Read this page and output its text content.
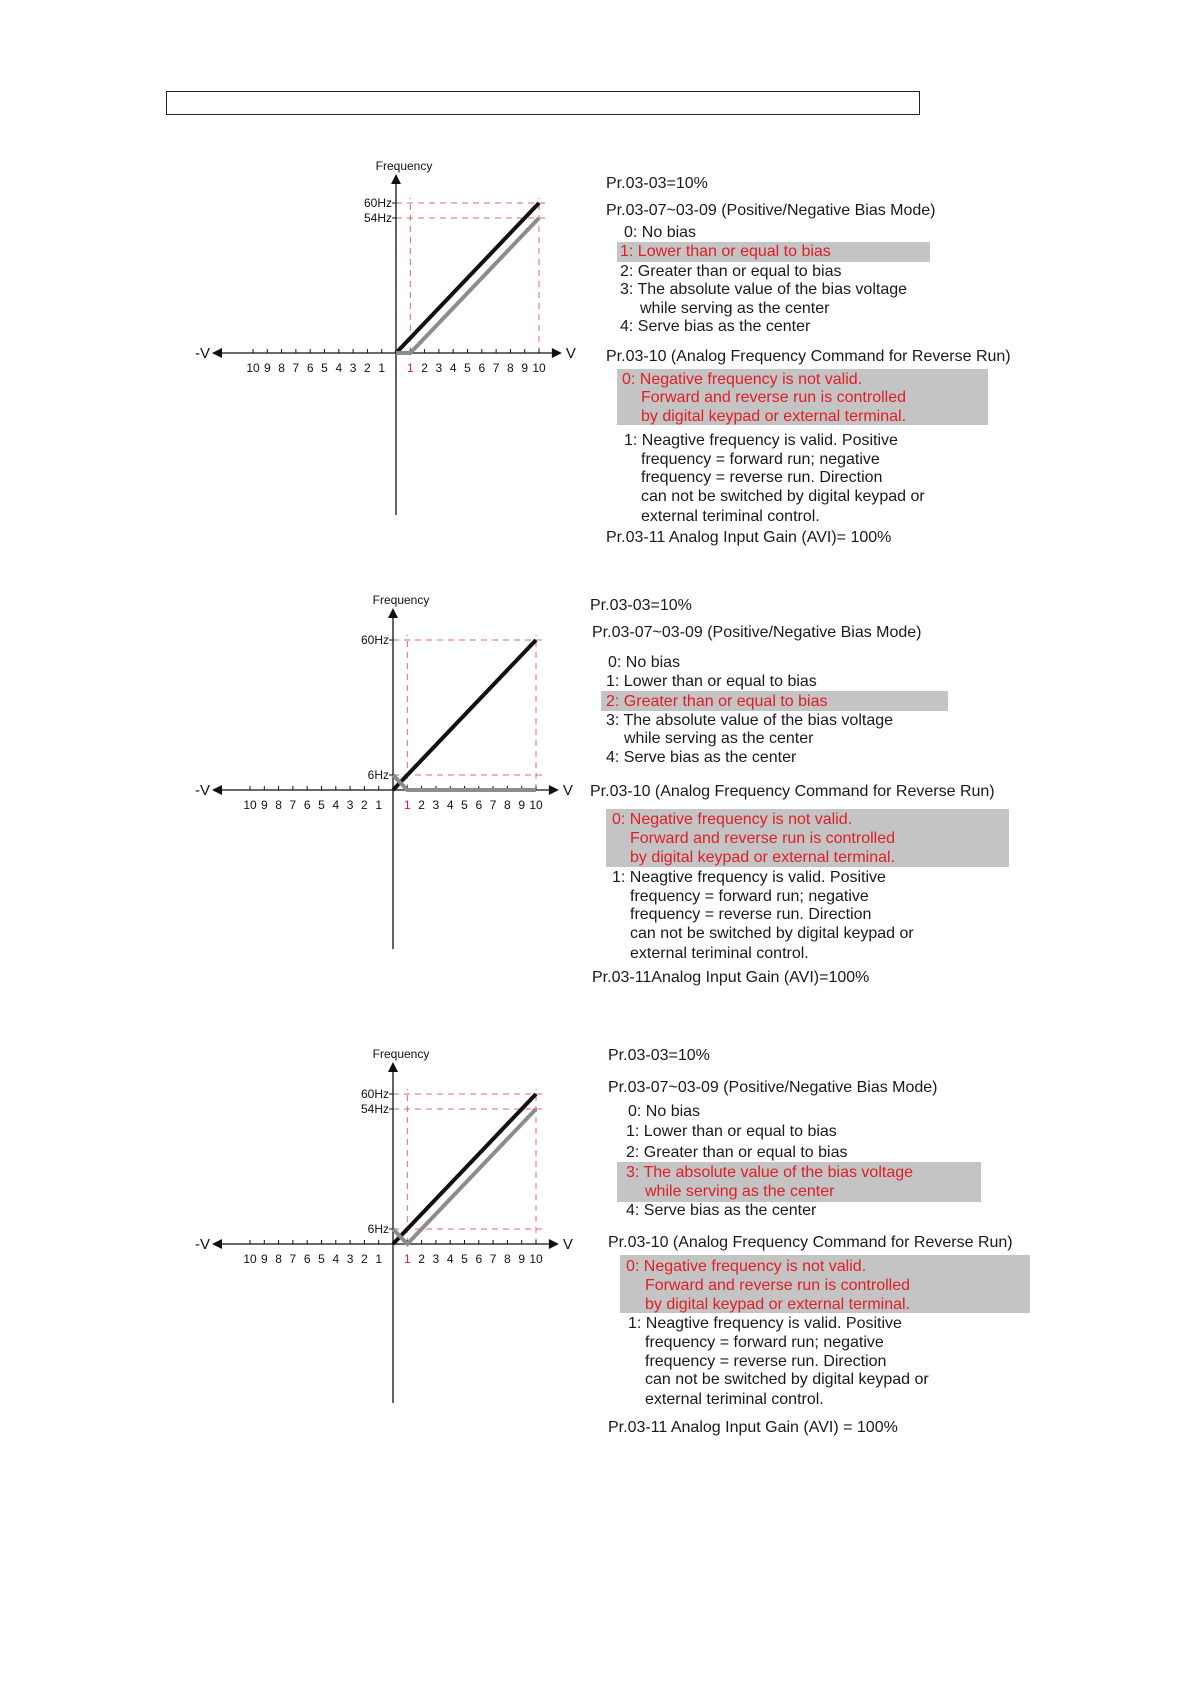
10 9 8 7 6 5 4 3 2 1 1 2 3 4 5 6 7 8 9 10
60Hz
54Hz
Frequency
V
-V
Pr.03-03=10%
Pr.03-07~03-09 (Positive/Negative Bias Mode)
0: No bias
1: Lower than or equal to bias
2: Greater than or equal to bias
3: The absolute value of the bias voltage
while serving as the center
4: Serve bias as the center
Pr.03-10 (Analog Frequency Command for Reverse Run)
0: Negative frequency is not valid.
Forward and reverse run is controlled
by digital keypad or external terminal.
1: Neagtive frequency is valid. Positive
frequency = forward run; negative
frequency = reverse run. Direction
can not be switched by digital keypad or
external teriminal control.
Pr.03-11 Analog Input Gain (AVI)= 100%
10 9 8 7 6 5 4 3 2 1 1 2 3 4 5 6 7 8 9 10
60Hz
6Hz
Frequency
V
-V
Pr.03-03=10%
Pr.03-07~03-09 (Positive/Negative Bias Mode)
0: No bias
1: Lower than or equal to bias
2: Greater than or equal to bias
3: The absolute value of the bias voltage
while serving as the center
4: Serve bias as the center
Pr.03-10 (Analog Frequency Command for Reverse Run)
0: Negative frequency is not valid.
Forward and reverse run is controlled
by digital keypad or external terminal.
1: Neagtive frequency is valid. Positive
frequency = forward run; negative
frequency = reverse run. Direction
can not be switched by digital keypad or
external teriminal control.
Pr.03-11Analog Input Gain (AVI)=100%
10 9 8 7 6 5 4 3 2 1 1 2 3 4 5 6 7 8 9 10
60Hz
54Hz
6Hz
Frequency
V
-V
Pr.03-03=10%
Pr.03-07~03-09 (Positive/Negative Bias Mode)
0: No bias
1: Lower than or equal to bias
2: Greater than or equal to bias
3: The absolute value of the bias voltage
while serving as the center
4: Serve bias as the center
Pr.03-10 (Analog Frequency Command for Reverse Run)
0: Negative frequency is not valid.
Forward and reverse run is controlled
by digital keypad or external terminal.
1: Neagtive frequency is valid. Positive
frequency = forward run; negative
frequency = reverse run. Direction
can not be switched by digital keypad or
external teriminal control.
Pr.03-11 Analog Input Gain (AVI) = 100%
